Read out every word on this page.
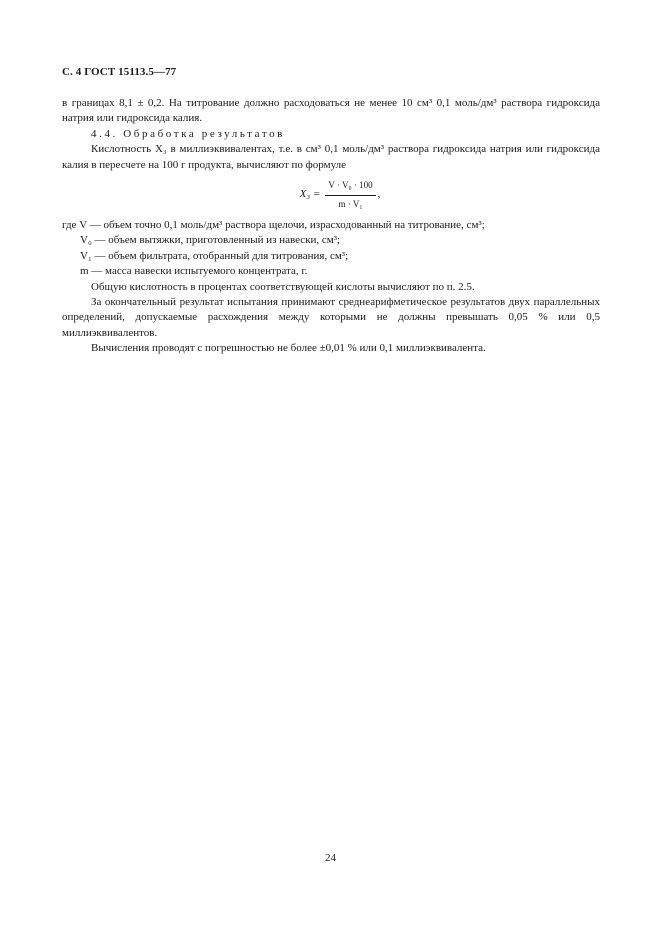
С. 4 ГОСТ 15113.5—77

в границах 8,1 ± 0,2. На титрование должно расходоваться не менее 10 см³ 0,1 моль/дм³ раствора гидроксида натрия или гидроксида калия.

4.4. Обработка результатов

Кислотность X₃ в миллиэквивалентах, т.е. в см³ 0,1 моль/дм³ раствора гидроксида натрия или гидроксида калия в пересчете на 100 г продукта, вычисляют по формуле

$X_3 = \frac{\text{V · V₀ · 100}}{\text{m · V₁}}$ ,

где V — объем точно 0,1 моль/дм³ раствора щелочи, израсходованный на титрование, см³;

V₀ — объем вытяжки, приготовленный из навески, см³;

V₁ — объем фильтрата, отобранный для титрования, см³;

m — масса навески испытуемого концентрата, г.

Общую кислотность в процентах соответствующей кислоты вычисляют по п. 2.5.

За окончательный результат испытания принимают среднеарифметическое результатов двух параллельных определений, допускаемые расхождения между которыми не должны превышать 0,05 % или 0,5 миллиэквивалентов.

Вычисления проводят с погрешностью не более ±0,01 % или 0,1 миллиэквивалента.

24
